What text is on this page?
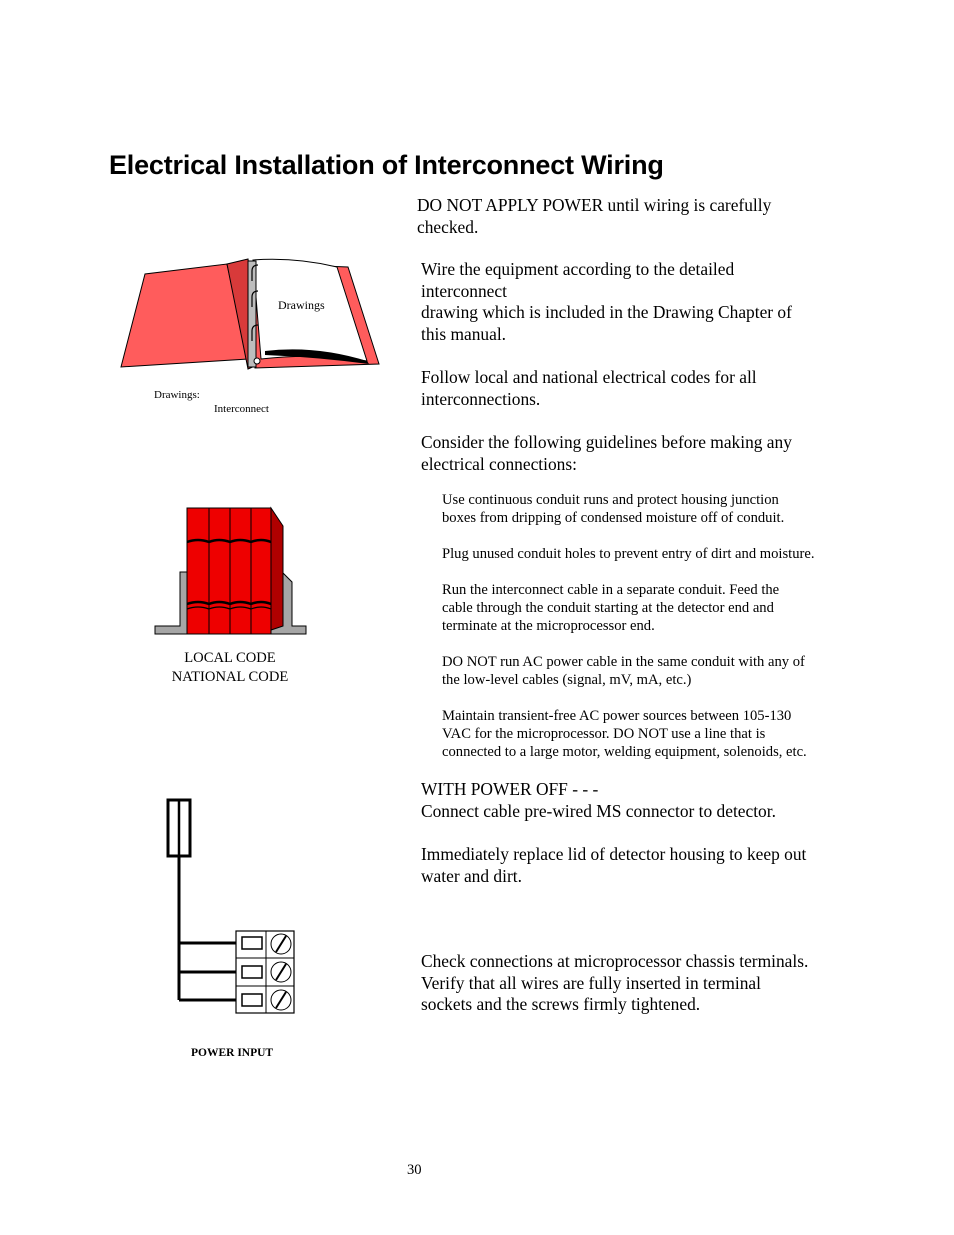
Electrical Installation of Interconnect Wiring
DO NOT APPLY POWER until wiring is carefully
checked.
Wire the equipment according to the detailed
interconnect
drawing which is included in the Drawing Chapter of
this manual.
Follow local and national electrical codes for all
interconnections.
Consider the following guidelines before making any
electrical connections:
Use continuous conduit runs and protect housing junction
boxes from dripping of condensed moisture off of conduit.
Plug unused conduit holes to prevent entry of dirt and moisture.
Run the interconnect cable in a separate conduit. Feed the
cable through the conduit starting at the detector end and
terminate at the microprocessor end.
DO NOT run AC power cable in the same conduit with any of
the low-level cables (signal, mV, mA, etc.)
Maintain transient-free AC power sources between 105-130
VAC for the microprocessor. DO NOT use a line that is
connected to a large motor, welding equipment, solenoids, etc.
WITH POWER OFF - - -
Connect cable pre-wired MS connector to detector.
Immediately replace lid of detector housing to keep out
water and dirt.
Check connections at microprocessor chassis terminals.
Verify that all wires are fully inserted in terminal
sockets and the screws firmly tightened.
Drawings
Drawings:
Interconnect
LOCAL CODE
NATIONAL CODE
POWER INPUT
30
